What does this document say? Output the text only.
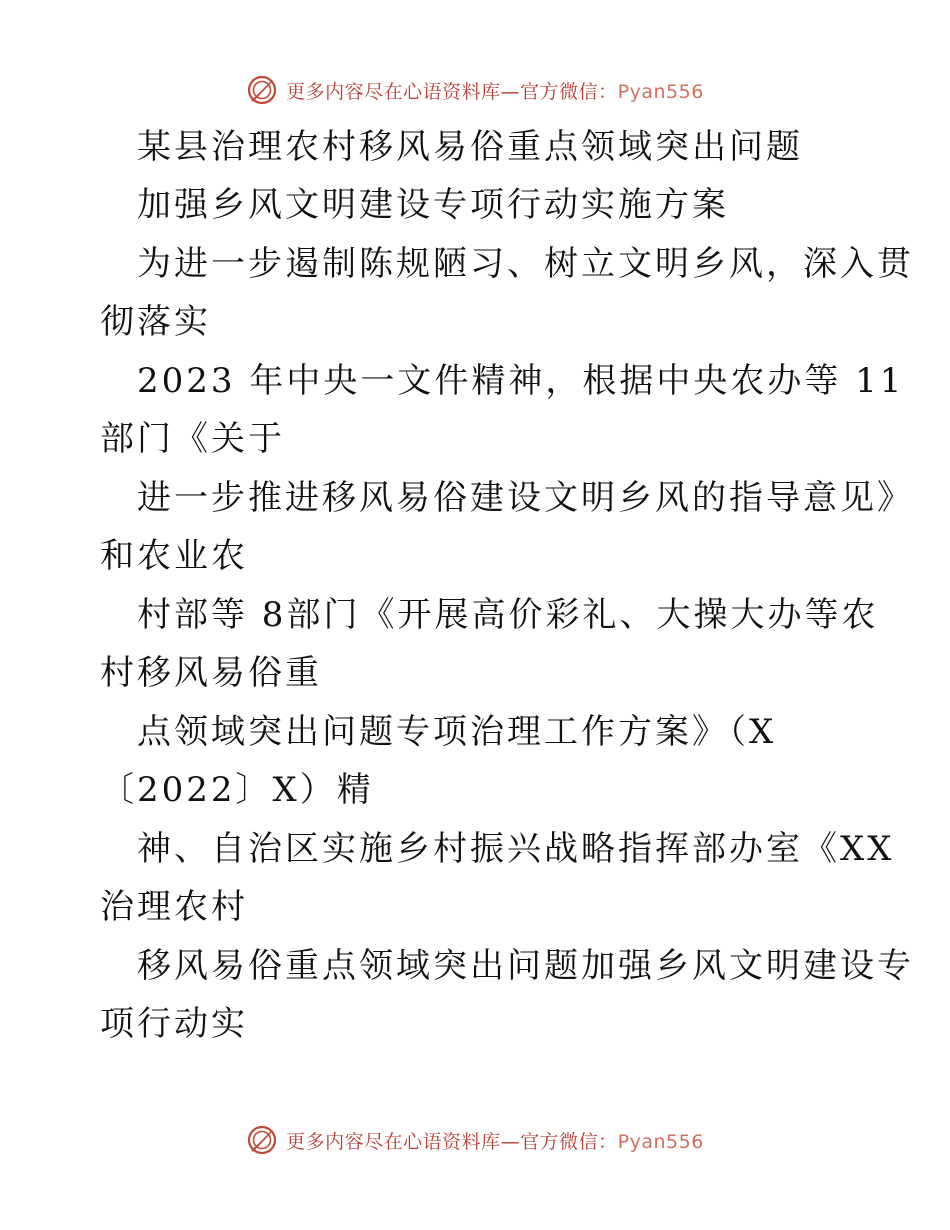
更多内容尽在心语资料库—官方微信：Pyan556
某县治理农村移风易俗重点领域突出问题
加强乡风文明建设专项行动实施方案
为进一步遏制陈规陋习、树立文明乡风，深入贯
彻落实
2023 年中央一文件精神，根据中央农办等 11
部门《关于
进一步推进移风易俗建设文明乡风的指导意见》
和农业农
村部等 8部门《开展高价彩礼、大操大办等农
村移风易俗重
点领域突出问题专项治理工作方案》（X
〔2022〕X）精
神、自治区实施乡村振兴战略指挥部办室《XX
治理农村
移风易俗重点领域突出问题加强乡风文明建设专
项行动实
更多内容尽在心语资料库—官方微信：Pyan556
